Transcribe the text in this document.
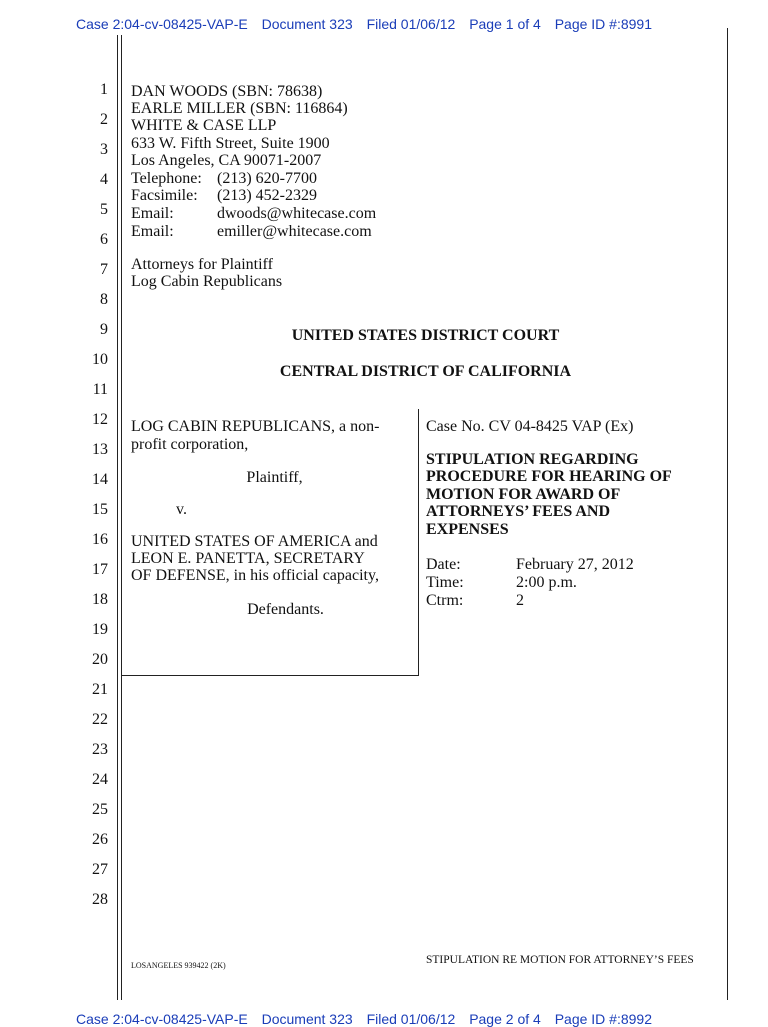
Case 2:04-cv-08425-VAP-E Document 323 Filed 01/06/12 Page 1 of 4 Page ID #:8991
1
2
3
4
5
6
7
8
9
10
11
12
13
14
15
16
17
18
19
20
21
22
23
24
25
26
27
28
DAN WOODS (SBN: 78638)
EARLE MILLER (SBN: 116864)
WHITE & CASE LLP
633 W. Fifth Street, Suite 1900
Los Angeles, CA 90071-2007
Telephone: (213) 620-7700
Facsimile: (213) 452-2329
Email:	dwoods@whitecase.com
Email:	emiller@whitecase.com
Attorneys for Plaintiff
Log Cabin Republicans
UNITED STATES DISTRICT COURT
CENTRAL DISTRICT OF CALIFORNIA
LOG CABIN REPUBLICANS, a non-
profit corporation,
Plaintiff,
v.
UNITED STATES OF AMERICA and
LEON E. PANETTA, SECRETARY
OF DEFENSE, in his official capacity,
Defendants.
Case No. CV 04-8425 VAP (Ex)
STIPULATION REGARDING
PROCEDURE FOR HEARING OF
MOTION FOR AWARD OF
ATTORNEYS’ FEES AND
EXPENSES
Date:	February 27, 2012
Time:	2:00 p.m.
Ctrm:	2
LOSANGELES 939422 (2K)	STIPULATION RE MOTION FOR ATTORNEY’S FEES
Case 2:04-cv-08425-VAP-E Document 323 Filed 01/06/12 Page 2 of 4 Page ID #:8992
